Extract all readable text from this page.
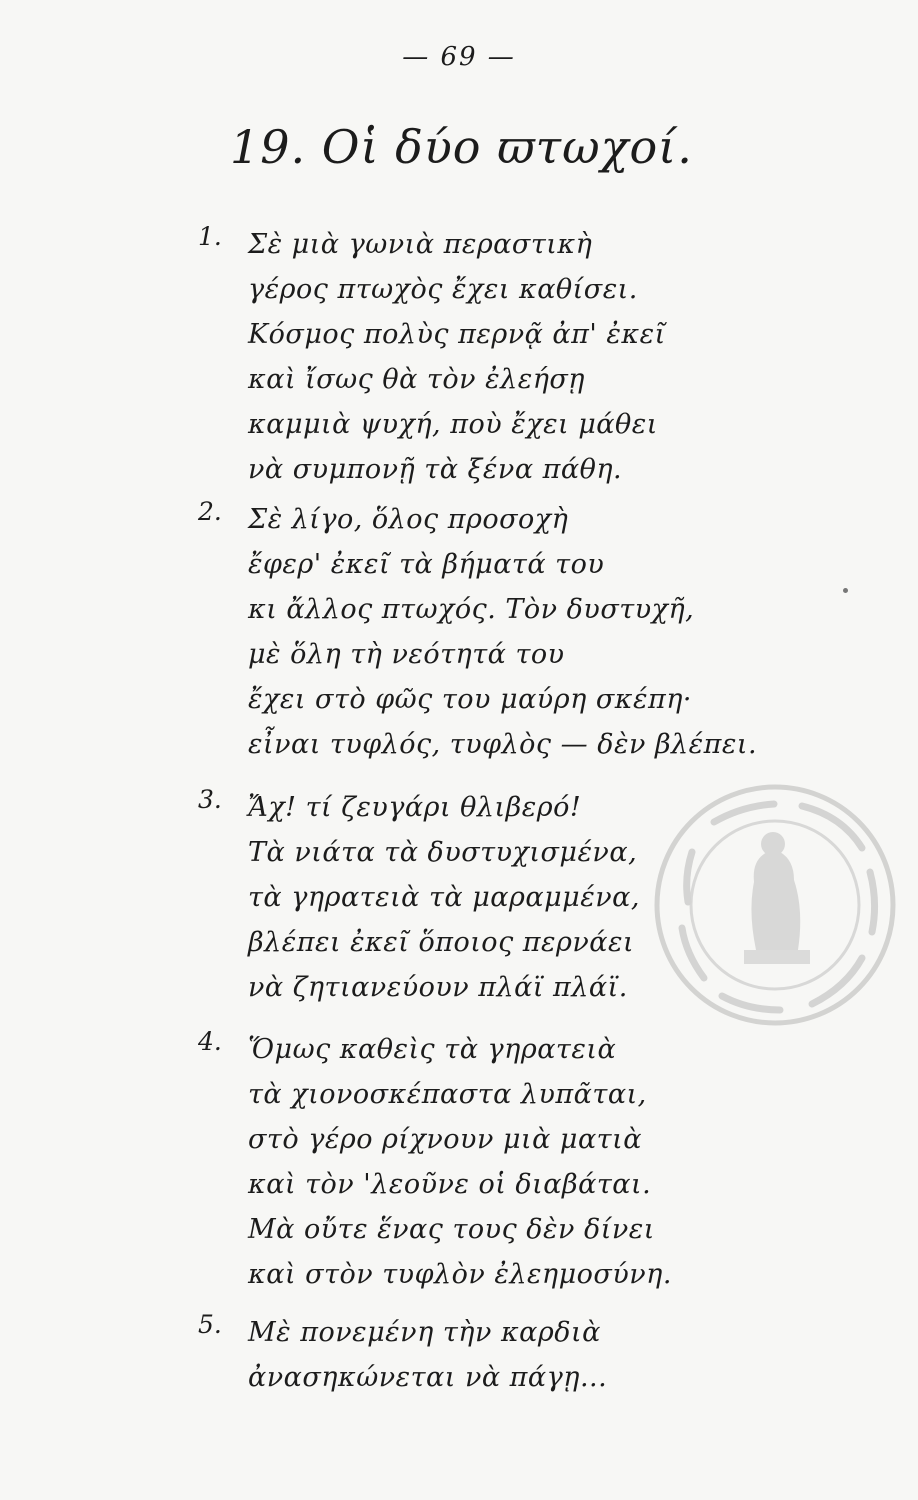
— 69 —
19. Οἱ δύο ϖτωχοί.
1. Σὲ μιὰ γωνιὰ περαστικὴ
γέρος πτωχὸς ἔχει καθίσει.
Κόσμος πολὺς περνᾷ ἀπ' ἐκεῖ
καὶ ἴσως θὰ τὸν ἐλεήσῃ
καμμιὰ ψυχή, ποὺ ἔχει μάθει
νὰ συμπονῇ τὰ ξένα πάθη.
2. Σὲ λίγο, ὅλος προσοχὴ
ἔφερ' ἐκεῖ τὰ βήματά του
κι ἄλλος πτωχός. Τὸν δυστυχῆ,
μὲ ὅλη τὴ νεότητά του
ἔχει στὸ φῶς του μαύρη σκέπη·
εἶναι τυφλός, τυφλὸς — δὲν βλέπει.
3. Ἄχ! τί ζευγάρι θλιβερό!
Τὰ νιάτα τὰ δυστυχισμένα,
τὰ γηρατειὰ τὰ μαραμμένα,
βλέπει ἐκεῖ ὅποιος περνάει
νὰ ζητιανεύουν πλάϊ πλάϊ.
4. Ὅμως καθεὶς τὰ γηρατειὰ
τὰ χιονοσκέπαστα λυπᾶται,
στὸ γέρο ρίχνουν μιὰ ματιὰ
καὶ τὸν 'λεοῦνε οἱ διαβάται.
Μὰ οὔτε ἕνας τους δὲν δίνει
καὶ στὸν τυφλὸν ἐλεημοσύνη.
5. Μὲ πονεμένη τὴν καρδιὰ
ἀνασηκώνεται νὰ πάγῃ...
